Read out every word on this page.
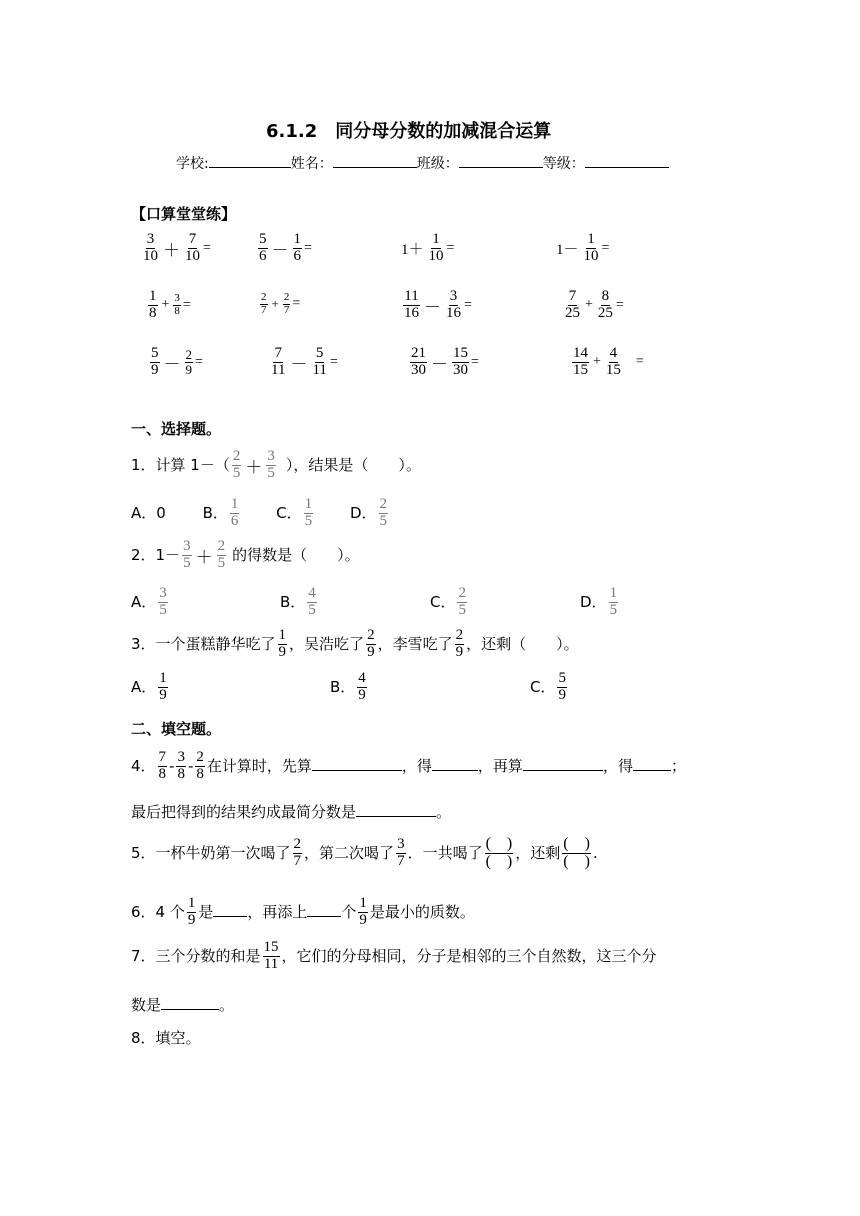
6.1.2　同分母分数的加减混合运算
学校:	姓名：	班级：	等级：
【口算堂堂练】
$\frac{3}{10} + \frac{7}{10}$ =	$\frac{5}{6} - \frac{1}{6}$ =	$1+ \frac{1}{10}$ =	$1- \frac{1}{10}$ =
$\frac{1}{8} + \frac{3}{8}$ =	$\frac{2}{7} + \frac{2}{7}$ =	$\frac{11}{16} - \frac{3}{16}$ =	$\frac{7}{25} + \frac{8}{25}$ =
$\frac{5}{9} - \frac{2}{9}$ =	$\frac{7}{11} - \frac{5}{11}$ =	$\frac{21}{30} - \frac{15}{30}$ =	$\frac{14}{15} + \frac{4}{15}$ =
一、选择题。
1．计算 $1-( \frac{2}{5} + \frac{3}{5}$ ），结果是（　　）。
A．0 B． $\frac{1}{6}$ C． $\frac{1}{5}$ D． $\frac{2}{5}$
2．$1- \frac{3}{5} + \frac{2}{5}$ 的得数是（　　）。
A． $\frac{3}{5}$	B． $\frac{4}{5}$	C． $\frac{2}{5}$	D． $\frac{1}{5}$
3．一个蛋糕静华吃了 $\frac{1}{9}$ ，吴浩吃了 $\frac{2}{9}$ ，李雪吃了 $\frac{2}{9}$ ，还剩（　　）。
A． $\frac{1}{9}$	B． $\frac{4}{9}$	C． $\frac{5}{9}$
二、填空题。
4． $\frac{7}{8} - \frac{3}{8} - \frac{2}{8}$ 在计算时，先算	，得	，再算	，得	；
最后把得到的结果约成最简分数是	。
5．一杯牛奶第一次喝了 $\frac{2}{7}$ ，第二次喝了 $\frac{3}{7}$ ．一共喝了 $\frac{( )}{( )}$ ，还剩 $\frac{( )}{( )}$ .
6．4 个 $\frac{1}{9}$ 是 ，再添上 个 $\frac{1}{9}$ 是最小的质数。
7．三个分数的和是 $\frac{15}{11}$ ，它们的分母相同，分子是相邻的三个自然数，这三个分
数是	。
8．填空。
